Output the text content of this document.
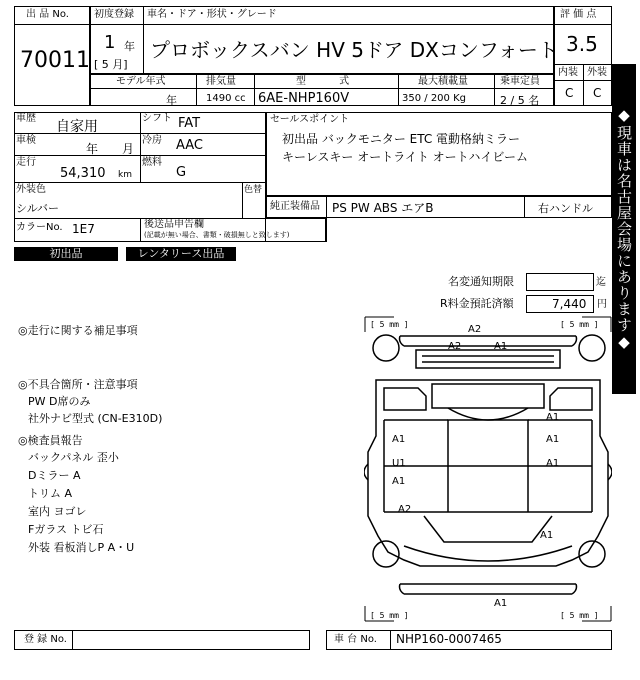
出 品 No.
70011
初度登録 車名・ドア・形状・グレード
1 年
[ 5 月]
プロボックスバン HV 5ドア DXコンフォート
評 価 点
3.5
内装 外装
C C
モデル年式	排気量	型 式	最大積載量	乗車定員
年	1490 cc 6AE-NHP160V	350 / 200 Kg	2 / 5 名
車歴
自家用
シフト FAT
車検
年 月
冷房 AAC
走行
54,310 km
燃料
G
外装色
シルバー
色替
カラーNo. 1E7	後送品申告欄
(記載が無い場合、書類・破損無しと致します)
セールスポイント
初出品 バックモニター ETC 電動格納ミラー
キーレスキー オートライト オートハイビーム
純正装備品 PS PW ABS エアB	右ハンドル ◆現車は名古屋会場にあります◆
初出品	レンタリース出品
名変通知期限	迄
R料金預託済額	7,440 円
◎走行に関する補足事項
◎不具合箇所・注意事項
PW D席のみ
社外ナビ型式 (CN-E310D)
◎検査員報告
バックパネル 歪小
Dミラー A
トリム A
室内 ヨゴレ
Fガラス トビ石
外装 看板消しP A・U
[ 5 mm ]	[ 5 mm ]
[ 5 mm ]	[ 5 mm ]
A2
A2	A1
A1
A1
A1
U1
A1
A1
A2
A1
A1
登 録 No.	車 台 No. NHP160-0007465
